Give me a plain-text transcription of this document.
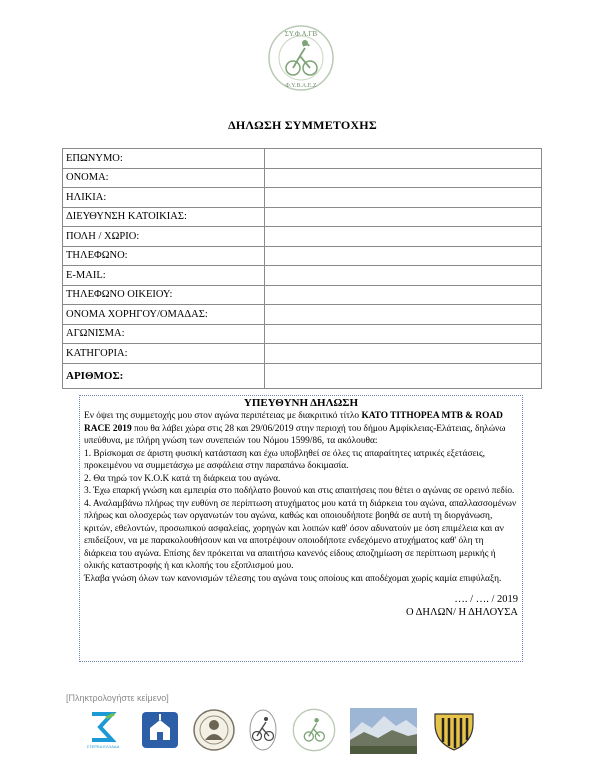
ΣΥ.Φ.Α.ΓΒ
Φ.Υ.Β.Α.Ε.Ζ
ΔΗΛΩΣΗ ΣΥΜΜΕΤΟΧΗΣ
ΕΠΩΝΥΜΟ:	
ΟΝΟΜΑ:	
ΗΛΙΚΙΑ:	
ΔΙΕΥΘΥΝΣΗ ΚΑΤΟΙΚΙΑΣ:	
ΠΟΛΗ / ΧΩΡΙΟ:	
ΤΗΛΕΦΩΝΟ:	
E-MAIL:	
ΤΗΛΕΦΩΝΟ ΟΙΚΕΙΟΥ:	
ΟΝΟΜΑ ΧΟΡΗΓΟΥ/ΟΜΑΔΑΣ:	
ΑΓΩΝΙΣΜΑ:	
ΚΑΤΗΓΟΡΙΑ:	
ΑΡΙΘΜΟΣ:	
ΥΠΕΥΘΥΝΗ ΔΗΛΩΣΗ

Εν όψει της συμμετοχής μου στον αγώνα περιπέτειας με διακριτικό τίτλο ΚΑΤΟ ΤΙΤΗΟΡΕΑ MTB & ROAD RACE 2019 που θα λάβει χώρα στις 28 και 29/06/2019 στην περιοχή του δήμου Αμφίκλειας-Ελάτειας, δηλώνω υπεύθυνα, με πλήρη γνώση των συνεπειών του Νόμου 1599/86, τα ακόλουθα:

1. Βρίσκομαι σε άριστη φυσική κατάσταση και έχω υποβληθεί σε όλες τις απαραίτητες ιατρικές εξετάσεις, προκειμένου να συμμετάσχω με ασφάλεια στην παραπάνω δοκιμασία.

2. Θα τηρώ τον Κ.Ο.Κ κατά τη διάρκεια του αγώνα.

3. Έχω επαρκή γνώση και εμπειρία στο ποδήλατο βουνού και στις απαιτήσεις που θέτει ο αγώνας σε ορεινό πεδίο.

4. Αναλαμβάνω πλήρως την ευθύνη σε περίπτωση ατυχήματος μου κατά τη διάρκεια του αγώνα, απαλλασσομένων πλήρως και ολοσχερώς των οργανωτών του αγώνα, καθώς και οποιουδήποτε βοηθά σε αυτή τη διοργάνωση, κριτών, εθελοντών, προσωπικού ασφαλείας, χορηγών και λοιπών καθ' όσον αδυνατούν με όση επιμέλεια και αν επιδείξουν, να με παρακολουθήσουν και να αποτρέψουν οποιοδήποτε ενδεχόμενο ατυχήματος καθ' όλη τη διάρκεια του αγώνα. Επίσης δεν πρόκειται να απαιτήσω κανενός είδους αποζημίωση σε περίπτωση μερικής ή ολικής καταστροφής ή και κλοπής του εξοπλισμού μου.

Έλαβα γνώση όλων των κανονισμών τέλεσης του αγώνα τους οποίους και αποδέχομαι χωρίς καμία επιφύλαξη.

…. / …. / 2019
Ο ΔΗΛΩΝ/ Η ΔΗΛΟΥΣΑ
[Πληκτρολογήστε κείμενο]
ΣΤΕΡΕΑ ΕΛΛΑΔΑ
